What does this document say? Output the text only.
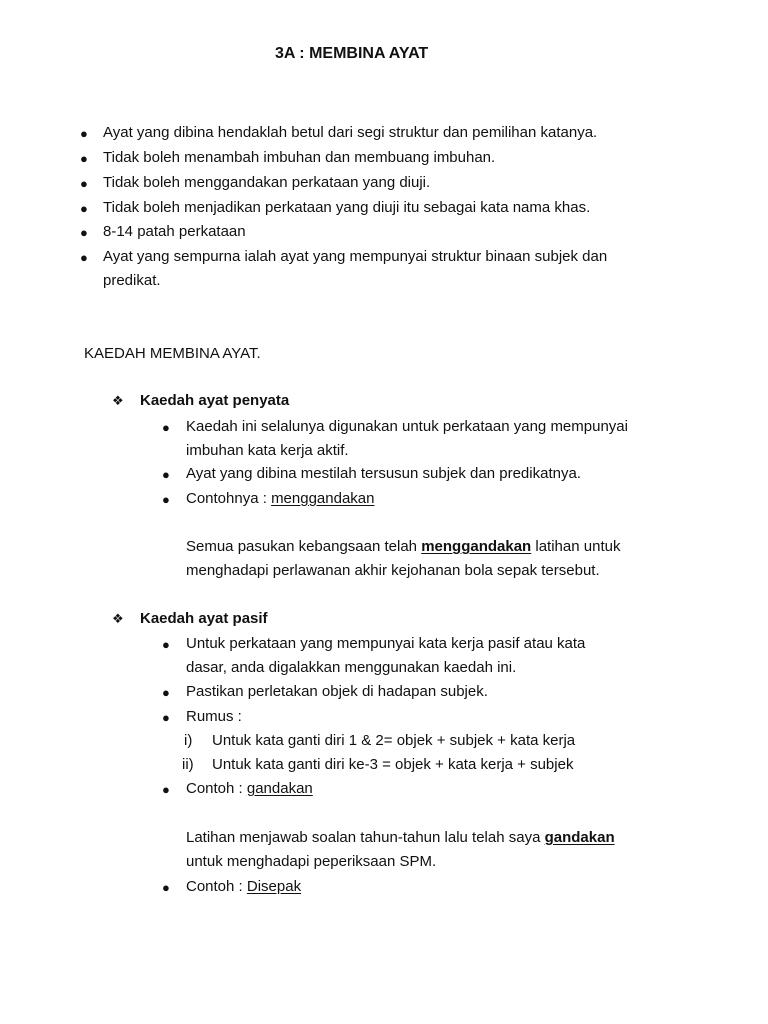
3A : MEMBINA AYAT
● Ayat yang dibina hendaklah betul dari segi struktur dan pemilihan katanya.
● Tidak boleh menambah imbuhan dan membuang imbuhan.
● Tidak boleh menggandakan perkataan yang diuji.
● Tidak boleh menjadikan perkataan yang diuji itu sebagai kata nama khas.
● 8-14 patah perkataan
● Ayat yang sempurna ialah ayat yang mempunyai struktur binaan subjek dan
predikat.
KAEDAH MEMBINA AYAT.
❖ Kaedah ayat penyata
● Kaedah ini selalunya digunakan untuk perkataan yang mempunyai
imbuhan kata kerja aktif.
● Ayat yang dibina mestilah tersusun subjek dan predikatnya.
● Contohnya : menggandakan
Semua pasukan kebangsaan telah menggandakan latihan untuk
menghadapi perlawanan akhir kejohanan bola sepak tersebut.
❖ Kaedah ayat pasif
● Untuk perkataan yang mempunyai kata kerja pasif atau kata
dasar, anda digalakkan menggunakan kaedah ini.
● Pastikan perletakan objek di hadapan subjek.
● Rumus :
i) Untuk kata ganti diri 1 & 2= objek + subjek + kata kerja
ii) Untuk kata ganti diri ke-3 = objek + kata kerja + subjek
● Contoh : gandakan
Latihan menjawab soalan tahun-tahun lalu telah saya gandakan
untuk menghadapi peperiksaan SPM.
● Contoh : Disepak
